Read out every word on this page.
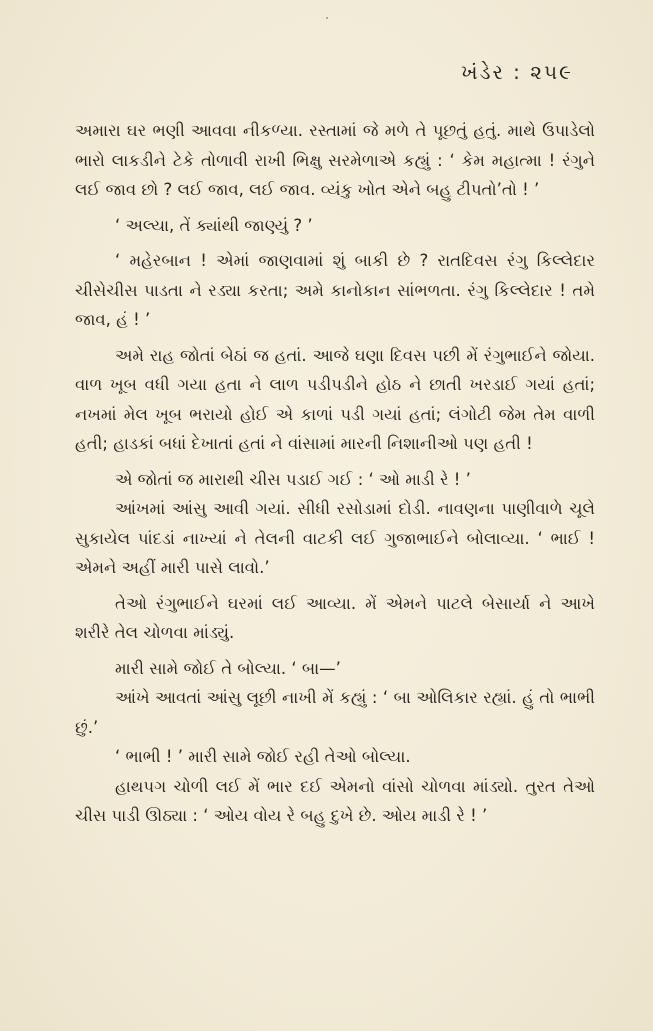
ખંડેર : ૨૫૯

અમારા ઘર ભણી આવવા નીકળ્યા. રસ્તામાં જે મળે તે પૂછતું હતું. માથે ઉપાડેલો ભારો લાકડીને ટેકે તોળાવી રાખી ભિક્ષુ સરમેળાએ કહ્યું : ‘ કેમ મહાત્મા ! રંગુને લઈ જાવ છો ? લઈ જાવ, લઈ જાવ. વ્યંકુ ખોત એને બહુ ટીપતો’તો ! ’

‘ અલ્યા, તેં ક્યાંથી જાણ્યું ? ’

‘ મહેરબાન ! એમાં જાણવામાં શું બાકી છે ? રાતદિવસ રંગુ કિલ્લેદાર ચીસેચીસ પાડતા ને રડ્યા કરતા; અમે કાનોકાન સાંભળતા. રંગુ કિલ્લેદાર ! તમે જાવ, હં ! ’

અમે રાહ જોતાં બેઠાં જ હતાં. આજે ઘણા દિવસ પછી મેં રંગુભાઈને જોયા. વાળ ખૂબ વધી ગયા હતા ને લાળ પડીપડીને હોઠ ને છાતી ખરડાઈ ગયાં હતાં; નખમાં મેલ ખૂબ ભરાયો હોઈ એ કાળાં પડી ગયાં હતાં; લંગોટી જેમ તેમ વાળી હતી; હાડકાં બધાં દેખાતાં હતાં ને વાંસામાં મારની નિશાનીઓ પણ હતી !

એ જોતાં જ મારાથી ચીસ પડાઈ ગઈ : ‘ ઓ માડી રે ! ’

આંખમાં આંસુ આવી ગયાં. સીધી રસોડામાં દોડી. નાવણના પાણીવાળે ચૂલે સુકાયેલ પાંદડાં નાખ્યાં ને તેલની વાટકી લઈ ગુજાભાઈને બોલાવ્યા. ‘ ભાઈ ! એમને અહીં મારી પાસે લાવો.’

તેઓ રંગુભાઈને ઘરમાં લઈ આવ્યા. મેં એમને પાટલે બેસાર્યા ને આખે શરીરે તેલ ચોળવા માંડ્યું.

મારી સામે જોઈ તે બોલ્યા. ‘ બા—’

આંખે આવતાં આંસુ લૂછી નાખી મેં કહ્યું : ‘ બા ઓલિકાર રહ્યાં. હું તો ભાભી છું.’

‘ ભાભી ! ’ મારી સામે જોઈ રહી તેઓ બોલ્યા.

હાથપગ ચોળી લઈ મેં ભાર દઈ એમનો વાંસો ચોળવા માંડ્યો. તુરત તેઓ ચીસ પાડી ઊઠ્યા : ‘ ઓય વોય રે બહુ દુખે છે. ઓય માડી રે ! ’
